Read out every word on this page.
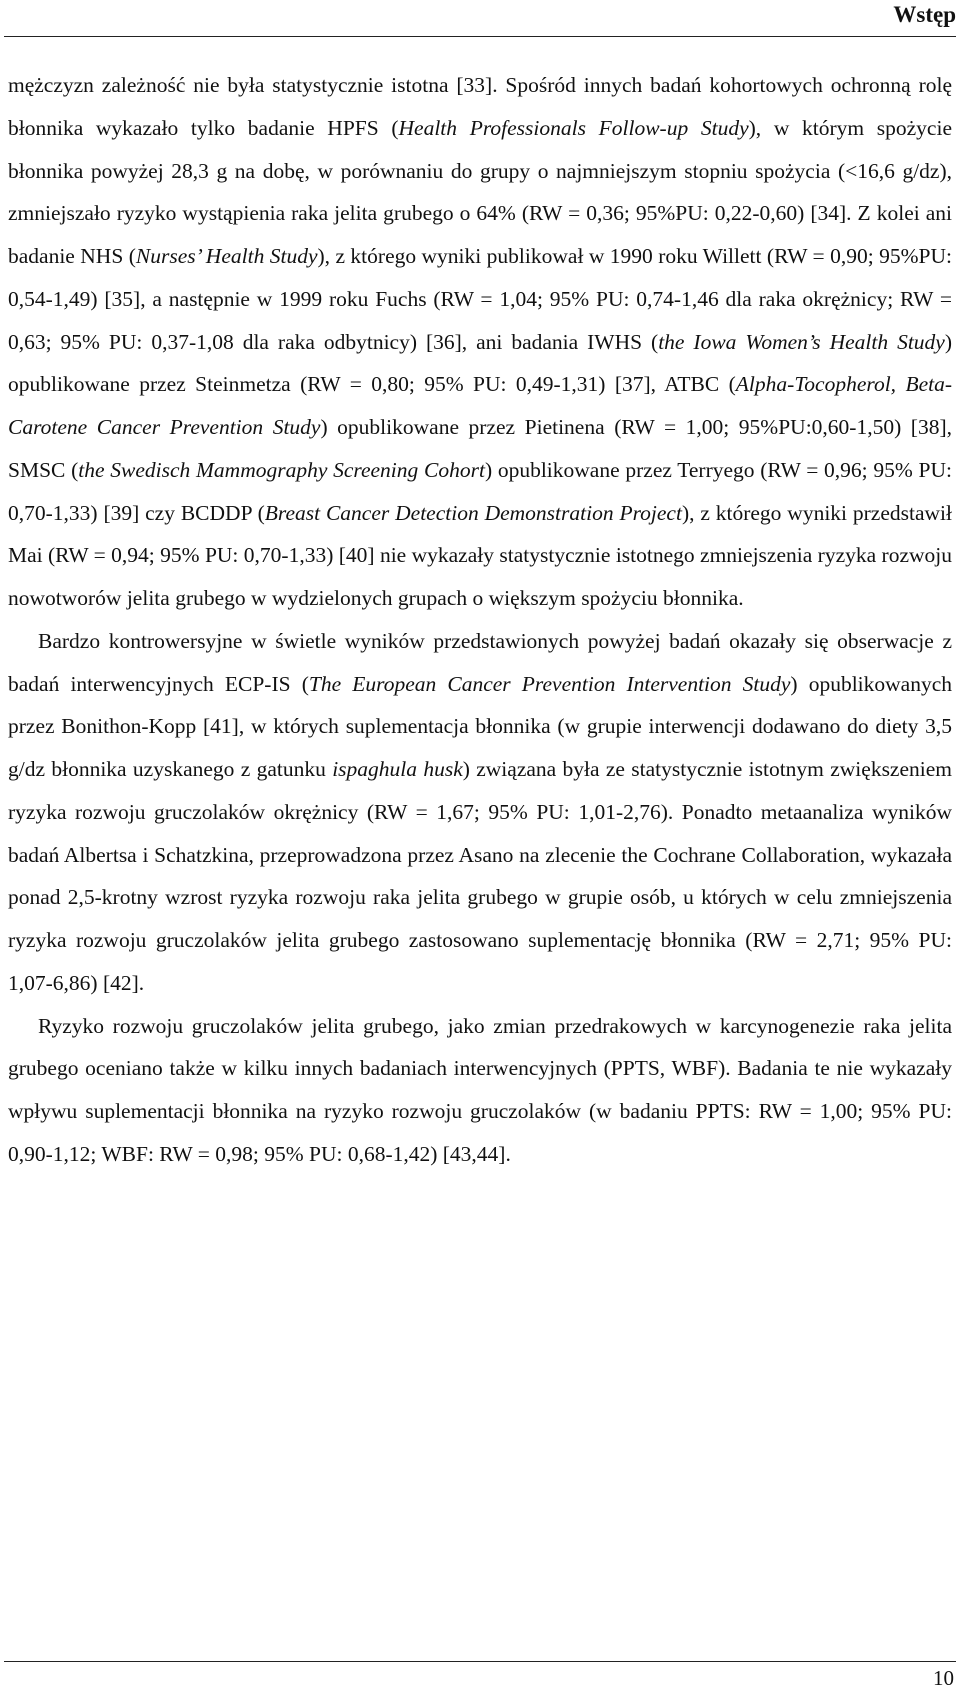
Wstęp

mężczyzn zależność nie była statystycznie istotna [33]. Spośród innych badań kohortowych ochronną rolę błonnika wykazało tylko badanie HPFS (Health Professionals Follow-up Study), w którym spożycie błonnika powyżej 28,3 g na dobę, w porównaniu do grupy o najmniejszym stopniu spożycia (<16,6 g/dz), zmniejszało ryzyko wystąpienia raka jelita grubego o 64% (RW = 0,36; 95%PU: 0,22-0,60) [34]. Z kolei ani badanie NHS (Nurses’ Health Study), z którego wyniki publikował w 1990 roku Willett (RW = 0,90; 95%PU: 0,54-1,49) [35], a następnie w 1999 roku Fuchs (RW = 1,04; 95% PU: 0,74-1,46 dla raka okrężnicy; RW = 0,63; 95% PU: 0,37-1,08 dla raka odbytnicy) [36], ani badania IWHS (the Iowa Women’s Health Study) opublikowane przez Steinmetza (RW = 0,80; 95% PU: 0,49-1,31) [37], ATBC (Alpha-Tocopherol, Beta-Carotene Cancer Prevention Study) opublikowane przez Pietinena (RW = 1,00; 95%PU:0,60-1,50) [38], SMSC (the Swedisch Mammography Screening Cohort) opublikowane przez Terryego (RW = 0,96; 95% PU: 0,70-1,33) [39] czy BCDDP (Breast Cancer Detection Demonstration Project), z którego wyniki przedstawił Mai (RW = 0,94; 95% PU: 0,70-1,33) [40] nie wykazały statystycznie istotnego zmniejszenia ryzyka rozwoju nowotworów jelita grubego w wydzielonych grupach o większym spożyciu błonnika.

Bardzo kontrowersyjne w świetle wyników przedstawionych powyżej badań okazały się obserwacje z badań interwencyjnych ECP-IS (The European Cancer Prevention Intervention Study) opublikowanych przez Bonithon-Kopp [41], w których suplementacja błonnika (w grupie interwencji dodawano do diety 3,5 g/dz błonnika uzyskanego z gatunku ispaghula husk) związana była ze statystycznie istotnym zwiększeniem ryzyka rozwoju gruczolaków okrężnicy (RW = 1,67; 95% PU: 1,01-2,76). Ponadto metaanaliza wyników badań Albertsa i Schatzkina, przeprowadzona przez Asano na zlecenie the Cochrane Collaboration, wykazała ponad 2,5-krotny wzrost ryzyka rozwoju raka jelita grubego w grupie osób, u których w celu zmniejszenia ryzyka rozwoju gruczolaków jelita grubego zastosowano suplementację błonnika (RW = 2,71; 95% PU: 1,07-6,86) [42].

Ryzyko rozwoju gruczolaków jelita grubego, jako zmian przedrakowych w karcynogenezie raka jelita grubego oceniano także w kilku innych badaniach interwencyjnych (PPTS, WBF). Badania te nie wykazały wpływu suplementacji błonnika na ryzyko rozwoju gruczolaków (w badaniu PPTS: RW = 1,00; 95% PU: 0,90-1,12; WBF: RW = 0,98; 95% PU: 0,68-1,42) [43,44].

10
